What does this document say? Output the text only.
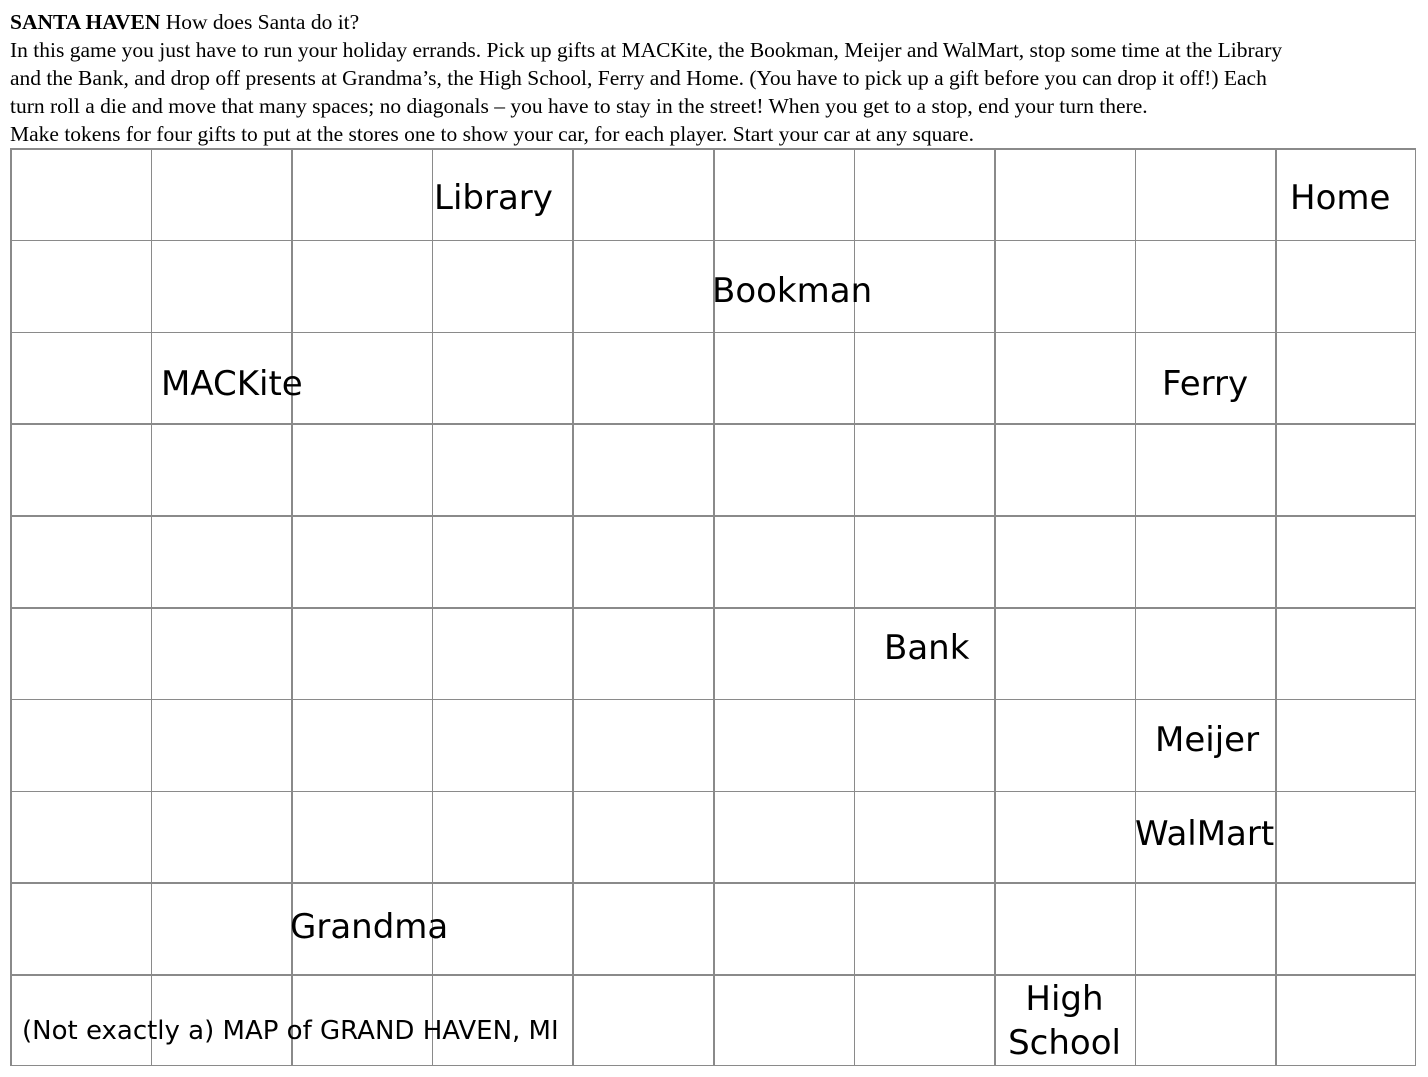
SANTA HAVEN How does Santa do it?
In this game you just have to run your holiday errands. Pick up gifts at MACKite, the Bookman, Meijer and WalMart, stop some time at the Library
and the Bank, and drop off presents at Grandma’s, the High School, Ferry and Home. (You have to pick up a gift before you can drop it off!) Each
turn roll a die and move that many spaces; no diagonals – you have to stay in the street! When you get to a stop, end your turn there.
Make tokens for four gifts to put at the stores one to show your car, for each player. Start your car at any square.
Library	Home
Bookman
MACKite	Ferry
Bank
Meijer
WalMart
Grandma
High
School
(Not exactly a) MAP of GRAND HAVEN, MI
